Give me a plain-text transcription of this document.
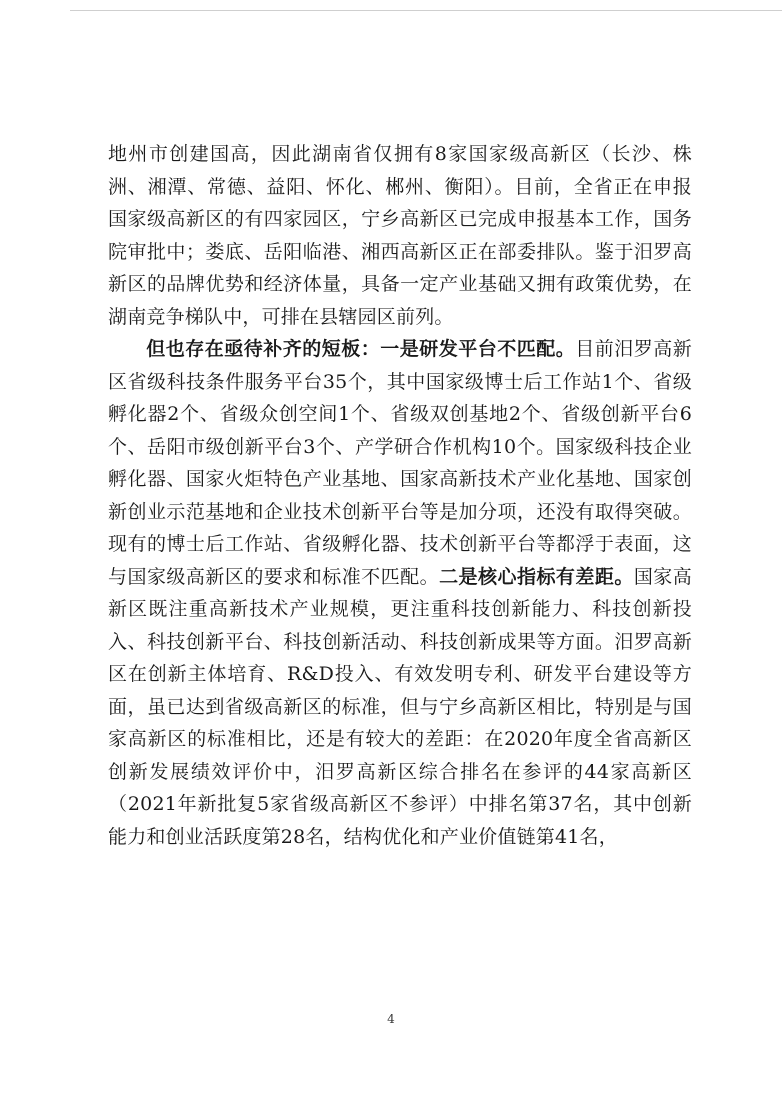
地州市创建国高，因此湖南省仅拥有8家国家级高新区（长沙、株洲、湘潭、常德、益阳、怀化、郴州、衡阳）。目前，全省正在申报国家级高新区的有四家园区，宁乡高新区已完成申报基本工作，国务院审批中；娄底、岳阳临港、湘西高新区正在部委排队。鉴于汨罗高新区的品牌优势和经济体量，具备一定产业基础又拥有政策优势，在湖南竞争梯队中，可排在县辖园区前列。

但也存在亟待补齐的短板：一是研发平台不匹配。目前汨罗高新区省级科技条件服务平台35个，其中国家级博士后工作站1个、省级孵化器2个、省级众创空间1个、省级双创基地2个、省级创新平台6个、岳阳市级创新平台3个、产学研合作机构10个。国家级科技企业孵化器、国家火炬特色产业基地、国家高新技术产业化基地、国家创新创业示范基地和企业技术创新平台等是加分项，还没有取得突破。现有的博士后工作站、省级孵化器、技术创新平台等都浮于表面，这与国家级高新区的要求和标准不匹配。二是核心指标有差距。国家高新区既注重高新技术产业规模，更注重科技创新能力、科技创新投入、科技创新平台、科技创新活动、科技创新成果等方面。汨罗高新区在创新主体培育、R&D投入、有效发明专利、研发平台建设等方面，虽已达到省级高新区的标准，但与宁乡高新区相比，特别是与国家高新区的标准相比，还是有较大的差距：在2020年度全省高新区创新发展绩效评价中，汨罗高新区综合排名在参评的44家高新区（2021年新批复5家省级高新区不参评）中排名第37名，其中创新能力和创业活跃度第28名，结构优化和产业价值链第41名，

4
